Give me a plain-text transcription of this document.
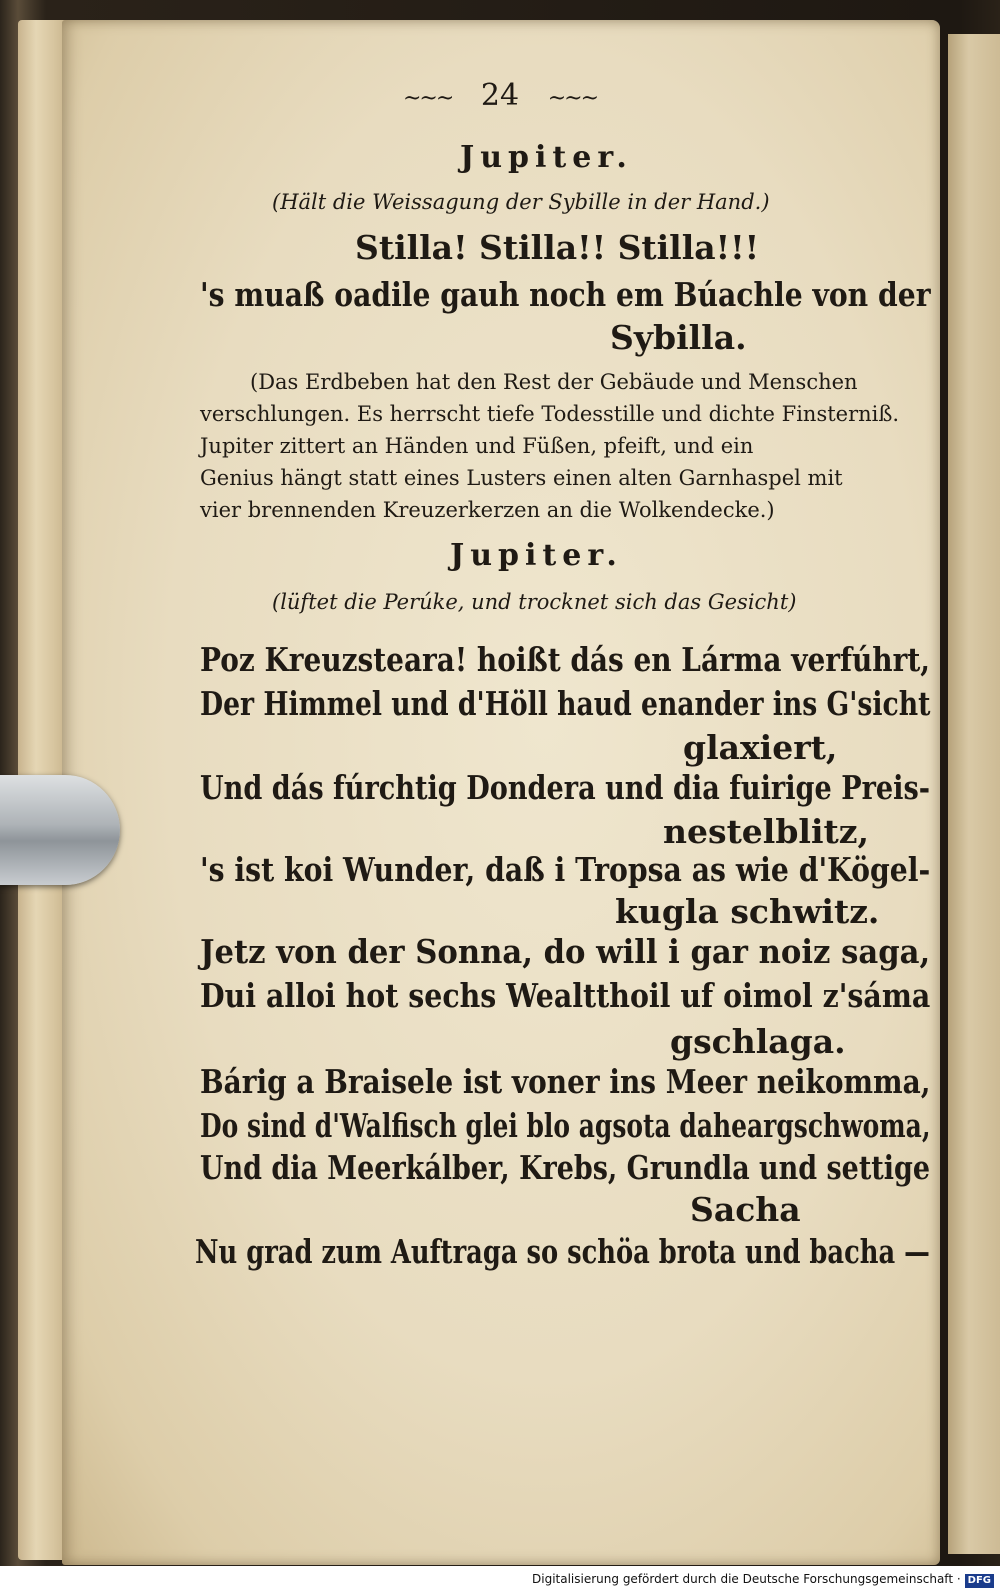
~~~ 24 ~~~
Jupiter.
(Hält die Weissagung der Sybille in der Hand.)
Stilla! Stilla!! Stilla!!!
's muaß oadile gauh noch em Búachle von der
Sybilla.
(Das Erdbeben hat den Rest der Gebäude und Menschen
verschlungen. Es herrscht tiefe Todesstille und dichte Finsterniß.
Jupiter zittert an Händen und Füßen, pfeift, und ein
Genius hängt statt eines Lusters einen alten Garnhaspel mit
vier brennenden Kreuzerkerzen an die Wolkendecke.)
Jupiter.
(lüftet die Perúke, und trocknet sich das Gesicht)
Poz Kreuzsteara! hoißt dás en Lárma verfúhrt,
Der Himmel und d'Höll haud enander ins G'sicht
glaxiert,
Und dás fúrchtig Dondera und dia fuirige Preis-
nestelblitz,
's ist koi Wunder, daß i Tropsa as wie d'Kögel-
kugla schwitz.
Jetz von der Sonna, do will i gar noiz saga,
Dui alloi hot sechs Wealtthoil uf oimol z'sáma
gschlaga.
Bárig a Braisele ist voner ins Meer neikomma,
Do sind d'Walfisch glei blo agsota daheargschwoma,
Und dia Meerkálber, Krebs, Grundla und settige
Sacha
Nu grad zum Auftraga so schöa brota und bacha —
Digitalisierung gefördert durch die Deutsche Forschungsgemeinschaft · DFG
